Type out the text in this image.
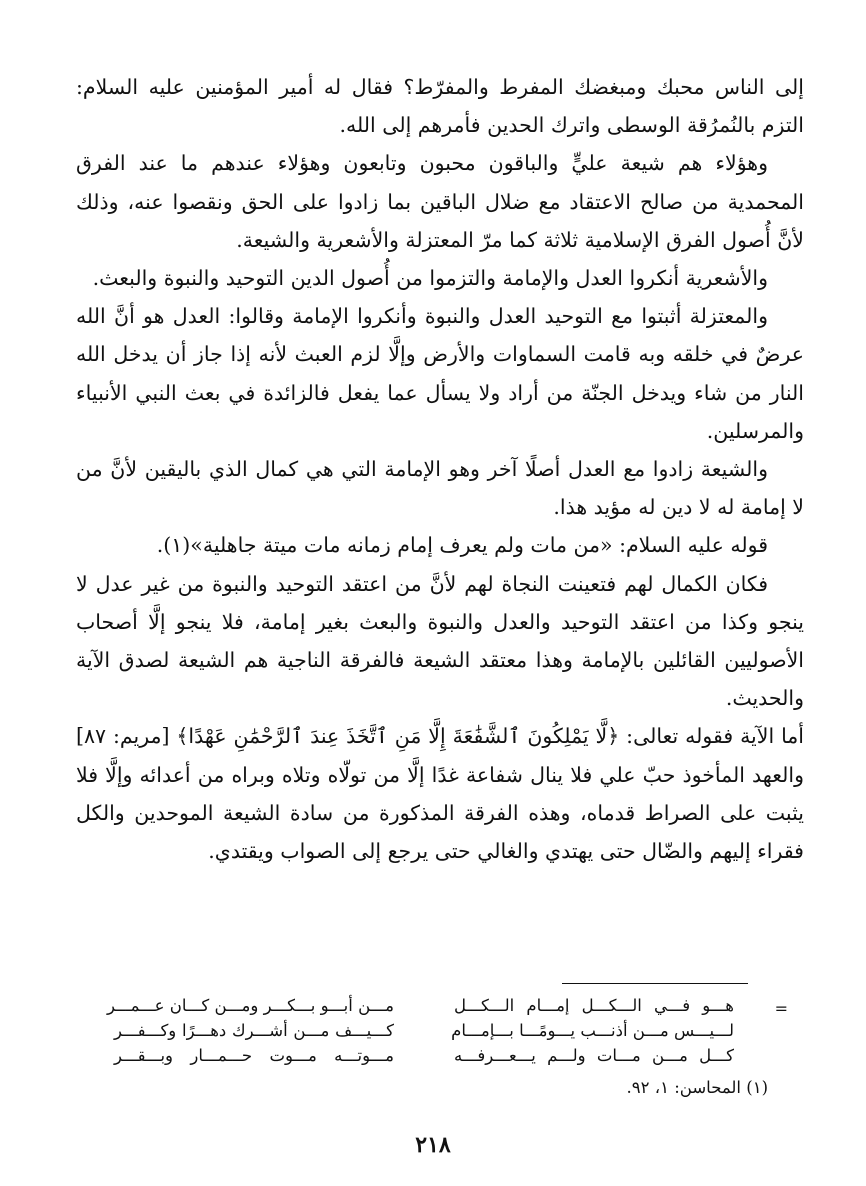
إلى الناس محبك ومبغضك المفرط والمفرّط؟ فقال له أمير المؤمنين عليه السلام: التزم بالنُمرُقة الوسطى واترك الحدين فأمرهم إلى الله.

وهؤلاء هم شيعة عليٍّ والباقون محبون وتابعون وهؤلاء عندهم ما عند الفرق المحمدية من صالح الاعتقاد مع ضلال الباقين بما زادوا على الحق ونقصوا عنه، وذلك لأنَّ أُصول الفرق الإسلامية ثلاثة كما مرّ المعتزلة والأشعرية والشيعة.

والأشعرية أنكروا العدل والإمامة والتزموا من أُصول الدين التوحيد والنبوة والبعث.

والمعتزلة أثبتوا مع التوحيد العدل والنبوة وأنكروا الإمامة وقالوا: العدل هو أنَّ الله عرضٌ في خلقه وبه قامت السماوات والأرض وإلَّا لزم العبث لأنه إذا جاز أن يدخل الله النار من شاء ويدخل الجنّة من أراد ولا يسأل عما يفعل فالزائدة في بعث النبي الأنبياء والمرسلين.

والشيعة زادوا مع العدل أصلًا آخر وهو الإمامة التي هي كمال الذي باليقين لأنَّ من لا إمامة له لا دين له مؤيد هذا.

قوله عليه السلام: «من مات ولم يعرف إمام زمانه مات ميتة جاهلية»(١).

فكان الكمال لهم فتعينت النجاة لهم لأنَّ من اعتقد التوحيد والنبوة من غير عدل لا ينجو وكذا من اعتقد التوحيد والعدل والنبوة والبعث بغير إمامة، فلا ينجو إلَّا أصحاب الأصوليين القائلين بالإمامة وهذا معتقد الشيعة فالفرقة الناجية هم الشيعة لصدق الآية والحديث.

أما الآية فقوله تعالى: ﴿لَّا يَمْلِكُونَ ٱلشَّفَٰعَةَ إِلَّا مَنِ ٱتَّخَذَ عِندَ ٱلرَّحْمَٰنِ عَهْدًا﴾ [مريم: ٨٧] والعهد المأخوذ حبّ علي فلا ينال شفاعة غدًا إلَّا من تولّاه وتلاه وبراه من أعدائه وإلَّا فلا يثبت على الصراط قدماه، وهذه الفرقة المذكورة من سادة الشيعة الموحدين والكل فقراء إليهم والضّال حتى يهتدي والغالي حتى يرجع إلى الصواب ويقتدي.

=
هـــو فـــي الـــكـــل إمـــام الـــكـــل
مـــن أبـــو بـــكـــر ومـــن كـــان عـــمـــر
لـــيـــس مـــن أذنـــب يـــومًـــا بـــإمـــام
كـــيـــف مـــن أشـــرك دهـــرًا وكـــفـــر
كـــل مـــن مـــات ولـــم يـــعـــرفـــه
مـــوتـــه مـــوت حـــمـــار وبـــقـــر
(١) المحاسن: ١، ٩٢.
٢١٨
